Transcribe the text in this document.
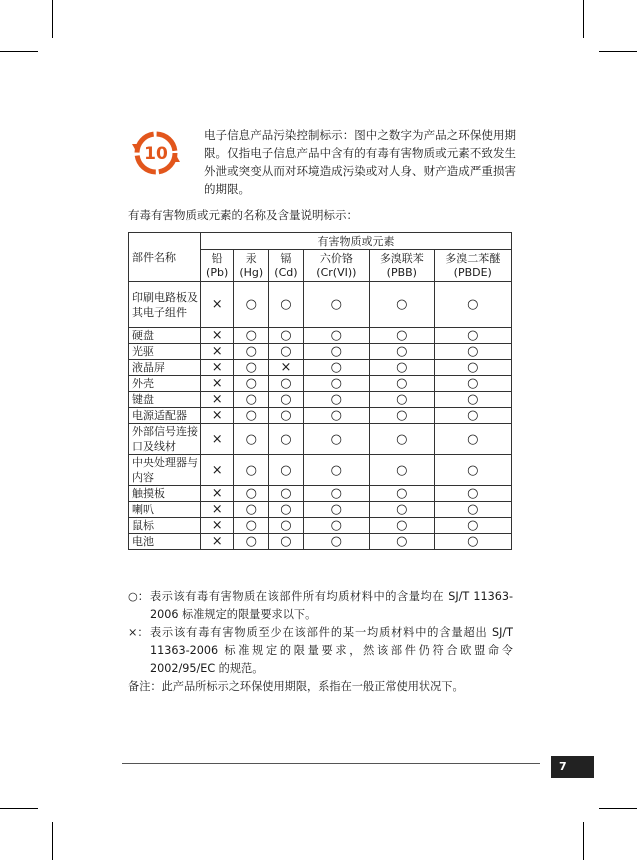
10
电子信息产品污染控制标示：图中之数字为产品之环保使用期限。仅指电子信息产品中含有的有毒有害物质或元素不致发生外泄或突变从而对环境造成污染或对人身、财产造成严重损害的期限。
有毒有害物质或元素的名称及含量说明标示：
部件名称	有害物质或元素					
	铅 (Pb)	汞 (Hg)	镉 (Cd)	六价铬 (Cr(VI))	多溴联苯 (PBB)	多溴二苯醚(PBDE)
印刷电路板及其电子组件	×	○	○	○	○	○
硬盘	×	○	○	○	○	○
光驱	×	○	○	○	○	○
液晶屏	×	○	×	○	○	○
外壳	×	○	○	○	○	○
键盘	×	○	○	○	○	○
电源适配器	×	○	○	○	○	○
外部信号连接口及线材	×	○	○	○	○	○
中央处理器与内容	×	○	○	○	○	○
触摸板	×	○	○	○	○	○
喇叭	×	○	○	○	○	○
鼠标	×	○	○	○	○	○
电池	×	○	○	○	○	○
○： 表示该有毒有害物质在该部件所有均质材料中的含量均在 SJ/T 11363-2006 标准规定的限量要求以下。
×： 表示该有毒有害物质至少在该部件的某一均质材料中的含量超出 SJ/T 11363-2006 标准规定的限量要求，然该部件仍符合欧盟命令 2002/95/EC 的规范。
备注：此产品所标示之环保使用期限，系指在一般正常使用状况下。
7
